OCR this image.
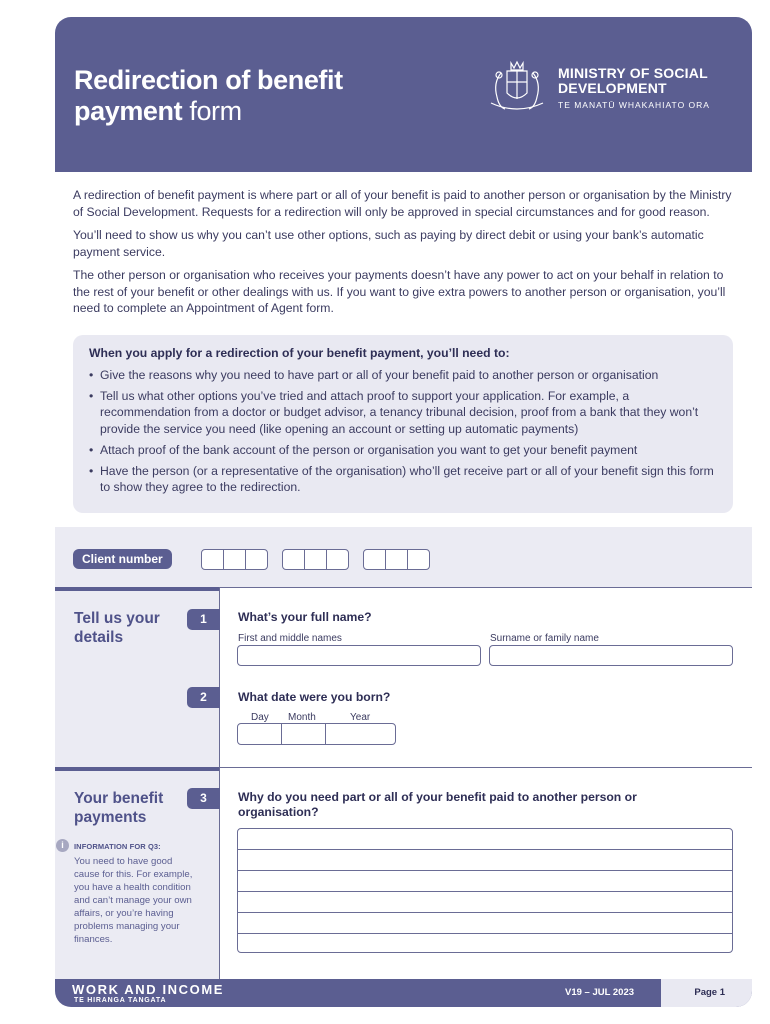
Redirection of benefit
payment form
MINISTRY OF SOCIAL
DEVELOPMENT
TE MANATŪ WHAKAHIATO ORA

A redirection of benefit payment is where part or all of your benefit is paid to another person or organisation by the Ministry of Social Development. Requests for a redirection will only be approved in special circumstances and for good reason.

You’ll need to show us why you can’t use other options, such as paying by direct debit or using your bank’s automatic payment service.

The other person or organisation who receives your payments doesn’t have any power to act on your behalf in relation to the rest of your benefit or other dealings with us. If you want to give extra powers to another person or organisation, you’ll need to complete an Appointment of Agent form.

When you apply for a redirection of your benefit payment, you’ll need to:
• Give the reasons why you need to have part or all of your benefit paid to another person or organisation
• Tell us what other options you’ve tried and attach proof to support your application. For example, a recommendation from a doctor or budget advisor, a tenancy tribunal decision, proof from a bank that they won’t provide the service you need (like opening an account or setting up automatic payments)
• Attach proof of the bank account of the person or organisation you want to get your benefit payment
• Have the person (or a representative of the organisation) who’ll get receive part or all of your benefit sign this form to show they agree to the redirection.
Client number
Tell us your
details
1	What’s your full name?
First and middle names	Surname or family name
2	What date were you born?
Day Month	Year
Your benefit
payments
i	INFORMATION FOR Q3:
You need to have good cause for this. For example, you have a health condition and can’t manage your own affairs, or you’re having problems managing your finances.
3	Why do you need part or all of your benefit paid to another person or organisation?
WORK AND INCOME
TE HIRANGA TANGATA
V19 – JUL 2023	Page 1
